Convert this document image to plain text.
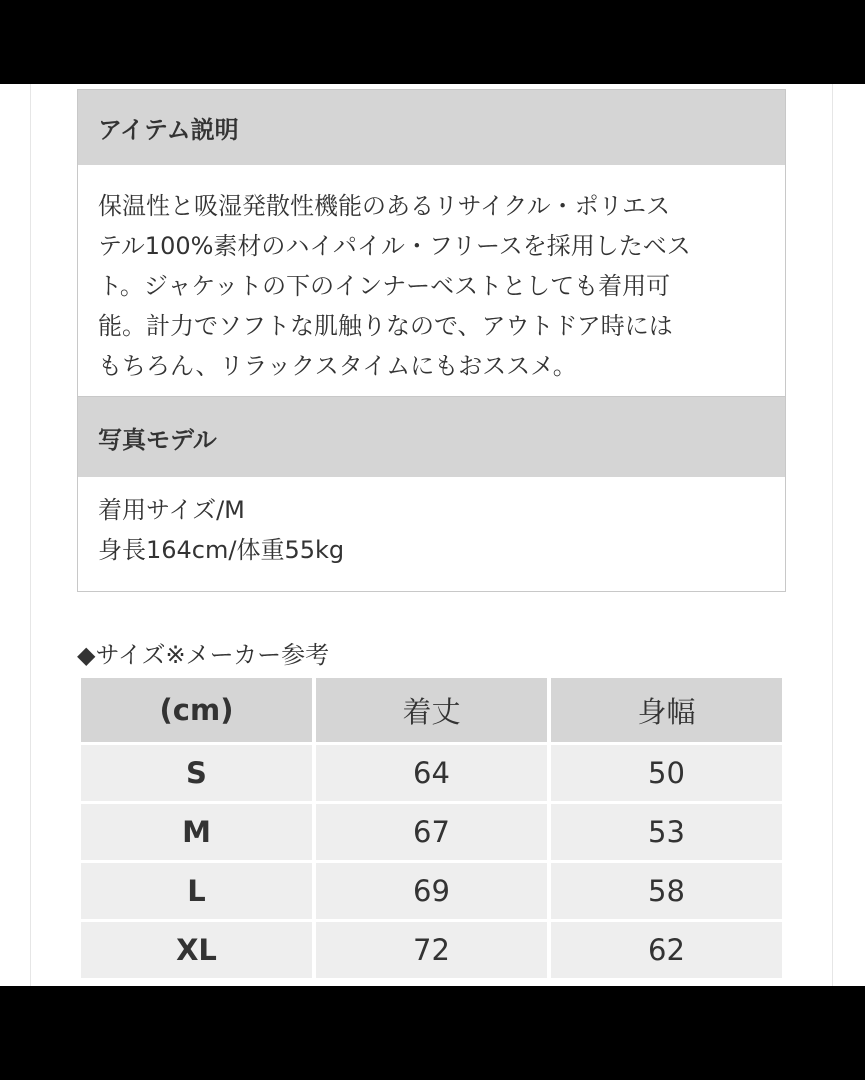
アイテム説明
保温性と吸湿発散性機能のあるリサイクル・ポリエス
テル100%素材のハイパイル・フリースを採用したベス
ト。ジャケットの下のインナーベストとしても着用可
能。計力でソフトな肌触りなので、アウトドア時には
もちろん、リラックスタイムにもおススメ。
写真モデル
着用サイズ/M
身長164cm/体重55kg
◆サイズ※メーカー参考
(cm)	着丈	身幅
S	64	50
M	67	53
L	69	58
XL	72	62
